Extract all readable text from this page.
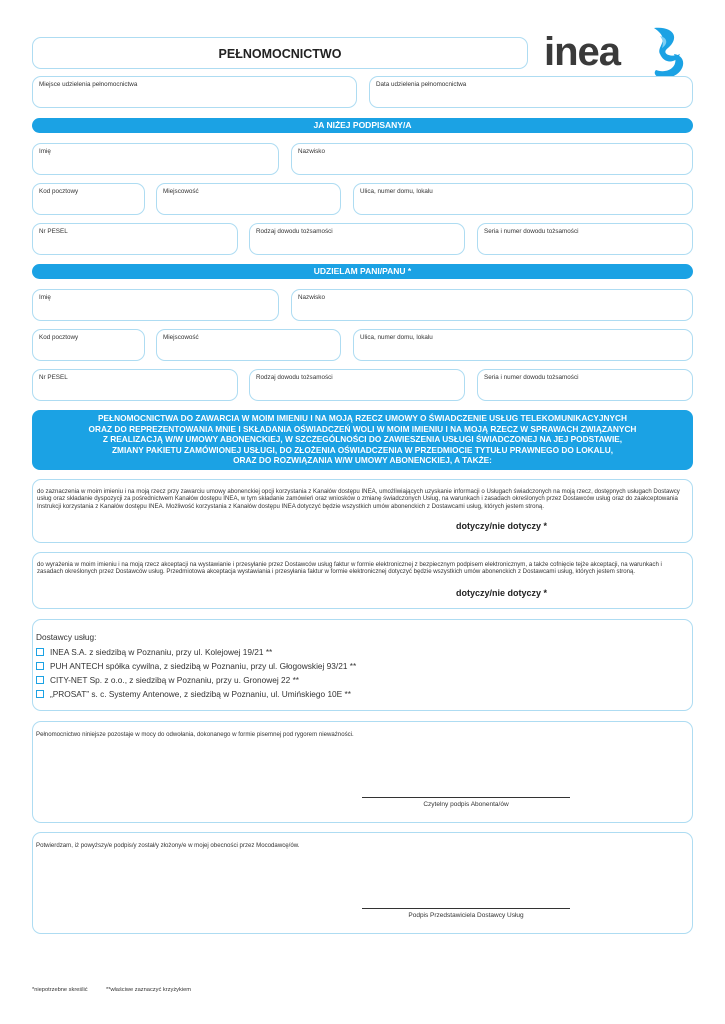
PEŁNOMOCNICTWO	inea
Miejsce udzielenia pełnomocnictwa	Data udzielenia pełnomocnictwa
JA NIŻEJ PODPISANY/A
Imię	Nazwisko
Kod pocztowy	Miejscowość	Ulica, numer domu, lokalu
Nr PESEL	Rodzaj dowodu tożsamości	Seria i numer dowodu tożsamości
UDZIELAM PANI/PANU *
Imię	Nazwisko
Kod pocztowy	Miejscowość	Ulica, numer domu, lokalu
Nr PESEL	Rodzaj dowodu tożsamości	Seria i numer dowodu tożsamości
PEŁNOMOCNICTWA DO ZAWARCIA W MOIM IMIENIU I NA MOJĄ RZECZ UMOWY O ŚWIADCZENIE USŁUG TELEKOMUNIKACYJNYCH
ORAZ DO REPREZENTOWANIA MNIE I SKŁADANIA OŚWIADCZEŃ WOLI W MOIM IMIENIU I NA MOJĄ RZECZ W SPRAWACH ZWIĄZANYCH
Z REALIZACJĄ W/W UMOWY ABONENCKIEJ, W SZCZEGÓLNOŚCI DO ZAWIESZENIA USŁUGI ŚWIADCZONEJ NA JEJ PODSTAWIE,
ZMIANY PAKIETU ZAMÓWIONEJ USŁUGI, DO ZŁOŻENIA OŚWIADCZENIA W PRZEDMIOCIE TYTUŁU PRAWNEGO DO LOKALU,
ORAZ DO ROZWIĄZANIA W/W UMOWY ABONENCKIEJ, A TAKŻE:
do zaznaczenia w moim imieniu i na moją rzecz przy zawarciu umowy abonenckiej opcji korzystania z Kanałów dostępu INEA, umożliwiających uzyskanie informacji o Usługach świadczonych na moją rzecz, dostępnych usługach Dostawcy usług oraz składanie dyspozycji za pośrednictwem Kanałów dostępu INEA, w tym składanie zamówień oraz wniosków o zmianę świadczonych Usług, na warunkach i zasadach określonych przez Dostawców usług oraz do zaakceptowania Instrukcji korzystania z Kanałów dostępu INEA. Możliwość korzystania z Kanałów dostępu INEA dotyczyć będzie wszystkich umów abonenckich z Dostawcami usług, których jestem stroną.
dotyczy/nie dotyczy *
do wyrażenia w moim imieniu i na moją rzecz akceptacji na wystawianie i przesyłanie przez Dostawców usług faktur w formie elektronicznej z bezpiecznym podpisem elektronicznym, a także cofnięcie tejże akceptacji, na warunkach i zasadach określonych przez Dostawców usług. Przedmiotowa akceptacja wystawiania i przesyłania faktur w formie elektronicznej dotyczyć będzie wszystkich umów abonenckich z Dostawcami usług, których jestem stroną.
dotyczy/nie dotyczy *
Dostawcy usług:
INEA S.A. z siedzibą w Poznaniu, przy ul. Kolejowej 19/21 **
PUH ANTECH spółka cywilna, z siedzibą w Poznaniu, przy ul. Głogowskiej 93/21 **
CITY-NET Sp. z o.o., z siedzibą w Poznaniu, przy u. Gronowej 22 **
„PROSAT” s. c. Systemy Antenowe, z siedzibą w Poznaniu, ul. Umińskiego 10E **
Pełnomocnictwo niniejsze pozostaje w mocy do odwołania, dokonanego w formie pisemnej pod rygorem nieważności.
Czytelny podpis Abonenta/ów
Potwierdzam, iż powyższy/e podpis/y został/y złożony/e w mojej obecności przez Mocodawcę/ów.
Podpis Przedstawiciela Dostawcy Usług
*niepotrzebne skreślić	**właściwe zaznaczyć krzyżykiem
